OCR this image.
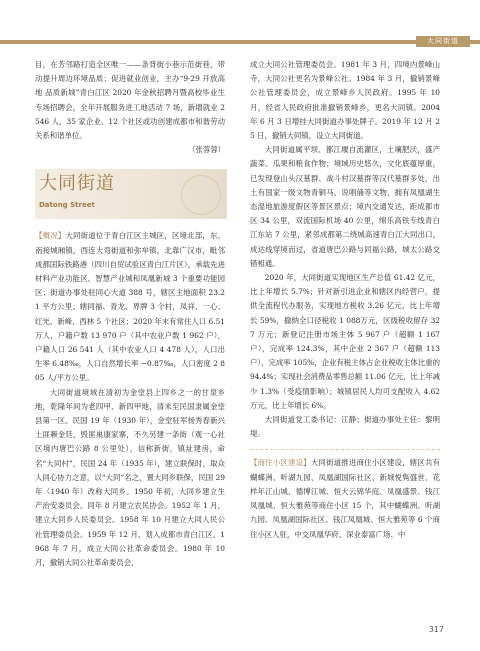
大同街道

目，在芳邻路打造全区唯一——条背街小巷示范街巷，带动提升周边环境品质；促进就业创业，主办“9·29 开放高地 品质新城”青白江区 2020 年金秋招聘月暨高校毕业生专场招聘会，全年开展服务进工地活动 7 场，新增就业 2 546 人，35 家企业、12 个社区或功创建成都市和谐劳动关系和谐单位。

（张蓉蓉）
大同街道
Datong Street

【概况】大同街道位于青白江区主城区，区境北部，东、南接城厢镇，西连大弯街道和弥牟镇，北靠广汉市，毗邻成都国际铁路港（四川自贸试验区青白江片区），承载先进材料产业功能区、智慧产业城和凤凰新城 3 个重要功能园区；街道办事处驻同心大道 388 号，辖区主地面积 23.21 平方公里；辖同福、青龙、界牌 3 个村，凤祥、一心、红光、新峰、西林 5 个社区；2020 年末有常住人口 6.51 万人，户籍户数 13 970 户（其中农业户数 1 962 户），户籍人口 26 541 人（其中农业人口 4 478 人），人口出生率 6.48‰，人口自然增长率 −0.87‰，人口密度 2 805 人/平方公里。

大同街道境域在清初为金堂县上四乡之一的甘泉乡地，乾隆年间为老四甲、新四甲地，清末至民国隶属金堂县第一区。民国 19 年（1930 年），金堂驻军杨秀春新兴土匪赖金廷，毁匪巢康家寨，不久另建一条街（观一心社区境内唐巴公路 8 公里处），信称新街，镇址建房，命名“大同村”，民国 24 年（1935 年），建立联保时，取众人同心协力之意，以“大同”名之，置大同乡联保，民国 29 年（1940 年）改称大同乡。1950 年初，大同乡建立生产治安委员会。同年 8 月建立农民协会。1952 年 1 月，建立大同乡人民委员会。1958 年 10 月建立大同人民公社管理委员会。1959 年 12 月，划入成都市青白江区。1968 年 7 月，成立大同公社革命委员会。1980 年 10 月，撤销大同公社革命委员会，

成立大同公社管理委员会。1981 年 3 月，四境内景峰山寺，大同公社更名为景峰公社。1984 年 3 月，撤销景峰公社管理委员会，成立景峰乡人民政府。1995 年 10 月，经省人民政府批准撤销景峰乡，更名大同镇。2004 年 6 月 3 日增挂大同街道办事处牌子。2019 年 12 月 25 日，撤销大同镇，设立大同街道。

大同街道属平坝、都江堰自流灌区，土壤肥沃，盛产蔬菜、瓜果和粮食作物；境域历史悠久，文化底蕴厚重，已发现登山头汉墓群、战斗村汉墓群等汉代墓群多处，出土有国家一级文物青铜马、说唱俑等文物，拥有凤凰湖生态湿地旅游度假区等景区景点；境内交通发达，距成都市区 34 公里，双流国际机场 40 公里，绵乐高铁专线青白江东站 7 公里，紧邻成都第二绕城高速青白江大同出口，成达线穿境而过，省道唐巴公路与同福公路，城太公路交错相通。

2020 年，大同街道实现地区生产总值 61.42 亿元，比上年增长 5.7%；针对新引进企业和辖区内经营户，提供全流程代办服务，实现地方税收 3.26 亿元，比上年增长 59%，撤纳全口径税收 1 088万元，区级税收留存 327 万元；新登记注册市场主体 5 967 户（超额 1 167 户），完成率 124.3%，其中企业 2 367 户（超额 113户），完成率 105%，企业有税主体占企业税收主体比重的 94.4%；实现社会消费品零售总额 11.06 亿元，比上年减少 1.3%（受疫情影响）；城镇居民人均可支配收入 4.62 万元，比上年增长 6%。

大同街道党工委书记：江静；街道办事处主任：黎明堤。

【商住小区建设】大同街道推进商住小区建设，辖区共有蝴蝶洲、听湖九园、凤凰湖国际社区、新城悦隽盛世、花样年江山城、德博江城、恒大云锦华庭、凤凰盛景、钱江凤凰城、恒大雅苑等商住小区 15 个，其中蝴蝶洲、听湖九园、凤凰湖国际社区、钱江凤凰城、恒大雅苑等 6 个商住小区人驻，中交凤凰华府、深业泰富广场、中

317
